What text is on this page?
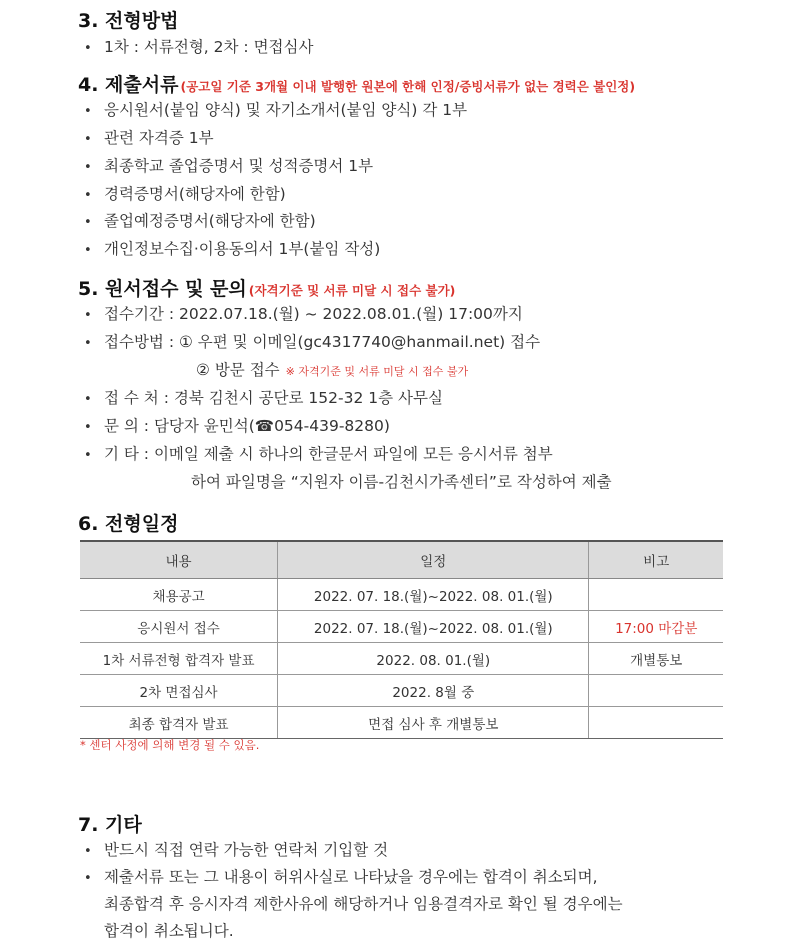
3. 전형방법
• 1차 : 서류전형, 2차 : 면접심사
4. 제출서류 (공고일 기준 3개월 이내 발행한 원본에 한해 인정/증빙서류가 없는 경력은 불인정)
• 응시원서(붙임 양식) 및 자기소개서(붙임 양식) 각 1부
• 관련 자격증 1부
• 최종학교 졸업증명서 및 성적증명서 1부
• 경력증명서(해당자에 한함)
• 졸업예정증명서(해당자에 한함)
• 개인정보수집·이용동의서 1부(붙임 작성)
5. 원서접수 및 문의 (자격기준 및 서류 미달 시 접수 불가)
• 접수기간 : 2022.07.18.(월) ~ 2022.08.01.(월) 17:00까지
• 접수방법 : ① 우편 및 이메일(gc4317740@hanmail.net) 접수
② 방문 접수 ※ 자격기준 및 서류 미달 시 접수 불가
• 접 수 처 : 경북 김천시 공단로 152-32 1층 사무실
• 문 의 : 담당자 윤민석(☎054-439-8280)
• 기 타 : 이메일 제출 시 하나의 한글문서 파일에 모든 응시서류 첨부
하여 파일명을 “지원자 이름-김천시가족센터”로 작성하여 제출
6. 전형일정
내용	일정	비고
채용공고	2022. 07. 18.(월)~2022. 08. 01.(월)	
응시원서 접수	2022. 07. 18.(월)~2022. 08. 01.(월)	17:00 마감분
1차 서류전형 합격자 발표	2022. 08. 01.(월)	개별통보
2차 면접심사	2022. 8월 중	
최종 합격자 발표	면접 심사 후 개별통보	
* 센터 사정에 의해 변경 될 수 있음.
7. 기타
• 반드시 직접 연락 가능한 연락처 기입할 것
• 제출서류 또는 그 내용이 허위사실로 나타났을 경우에는 합격이 취소되며,
최종합격 후 응시자격 제한사유에 해당하거나 임용결격자로 확인 될 경우에는
합격이 취소됩니다.
